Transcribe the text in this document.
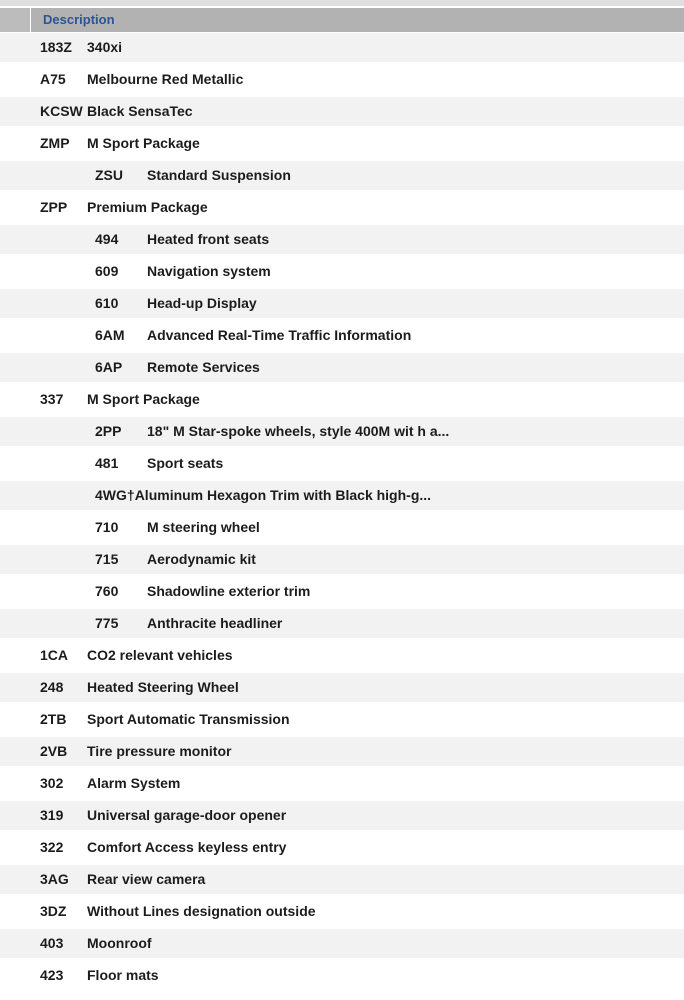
Description
183Z 340xi
A75 Melbourne Red Metallic
KCSW Black SensaTec
ZMP M Sport Package
ZSU Standard Suspension
ZPP Premium Package
494 Heated front seats
609 Navigation system
610 Head-up Display
6AM Advanced Real-Time Traffic Information
6AP Remote Services
337 M Sport Package
2PP 18" M Star-spoke wheels, style 400M wit h a...
481 Sport seats
4WG†Aluminum Hexagon Trim with Black high-g...
710 M steering wheel
715 Aerodynamic kit
760 Shadowline exterior trim
775 Anthracite headliner
1CA CO2 relevant vehicles
248 Heated Steering Wheel
2TB Sport Automatic Transmission
2VB Tire pressure monitor
302 Alarm System
319 Universal garage-door opener
322 Comfort Access keyless entry
3AG Rear view camera
3DZ Without Lines designation outside
403 Moonroof
423 Floor mats
